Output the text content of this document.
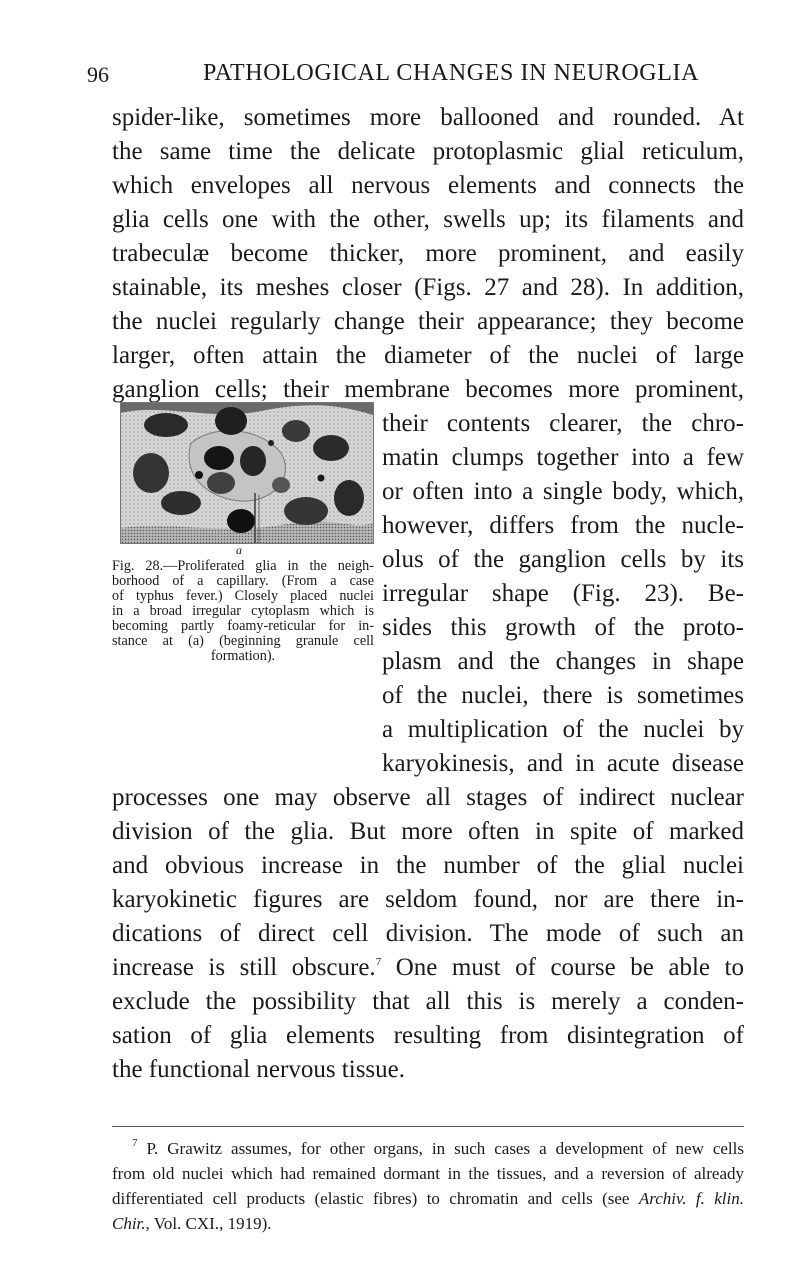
96	PATHOLOGICAL CHANGES IN NEUROGLIA
spider-like, sometimes more ballooned and rounded. At
the same time the delicate protoplasmic glial reticulum,
which envelopes all nervous elements and connects the
glia cells one with the other, swells up; its filaments and
trabeculæ become thicker, more prominent, and easily
stainable, its meshes closer (Figs. 27 and 28). In addition,
the nuclei regularly change their appearance; they become
larger, often attain the diameter of the nuclei of large
ganglion cells; their membrane becomes more prominent,
their contents clearer, the chro-
matin clumps together into a few
or often into a single body, which,
however, differs from the nucle-
olus of the ganglion cells by its
irregular shape (Fig. 23). Be-
sides this growth of the proto-
plasm and the changes in shape
of the nuclei, there is sometimes
a multiplication of the nuclei by
karyokinesis, and in acute disease
a
Fig. 28.—Proliferated glia in the neigh-
borhood of a capillary. (From a case
of typhus fever.) Closely placed nuclei
in a broad irregular cytoplasm which is
becoming partly foamy-reticular for in-
stance at (a) (beginning granule cell
formation).
processes one may observe all stages of indirect nuclear
division of the glia. But more often in spite of marked
and obvious increase in the number of the glial nuclei
karyokinetic figures are seldom found, nor are there in-
dications of direct cell division. The mode of such an
increase is still obscure.$^7$ One must of course be able to
exclude the possibility that all this is merely a conden-
sation of glia elements resulting from disintegration of
the functional nervous tissue.
$^7$ P. Grawitz assumes, for other organs, in such cases a development of new cells
from old nuclei which had remained dormant in the tissues, and a reversion of already
differentiated cell products (elastic fibres) to chromatin and cells (see Archiv. f. klin.
Chir., Vol. CXI., 1919).
